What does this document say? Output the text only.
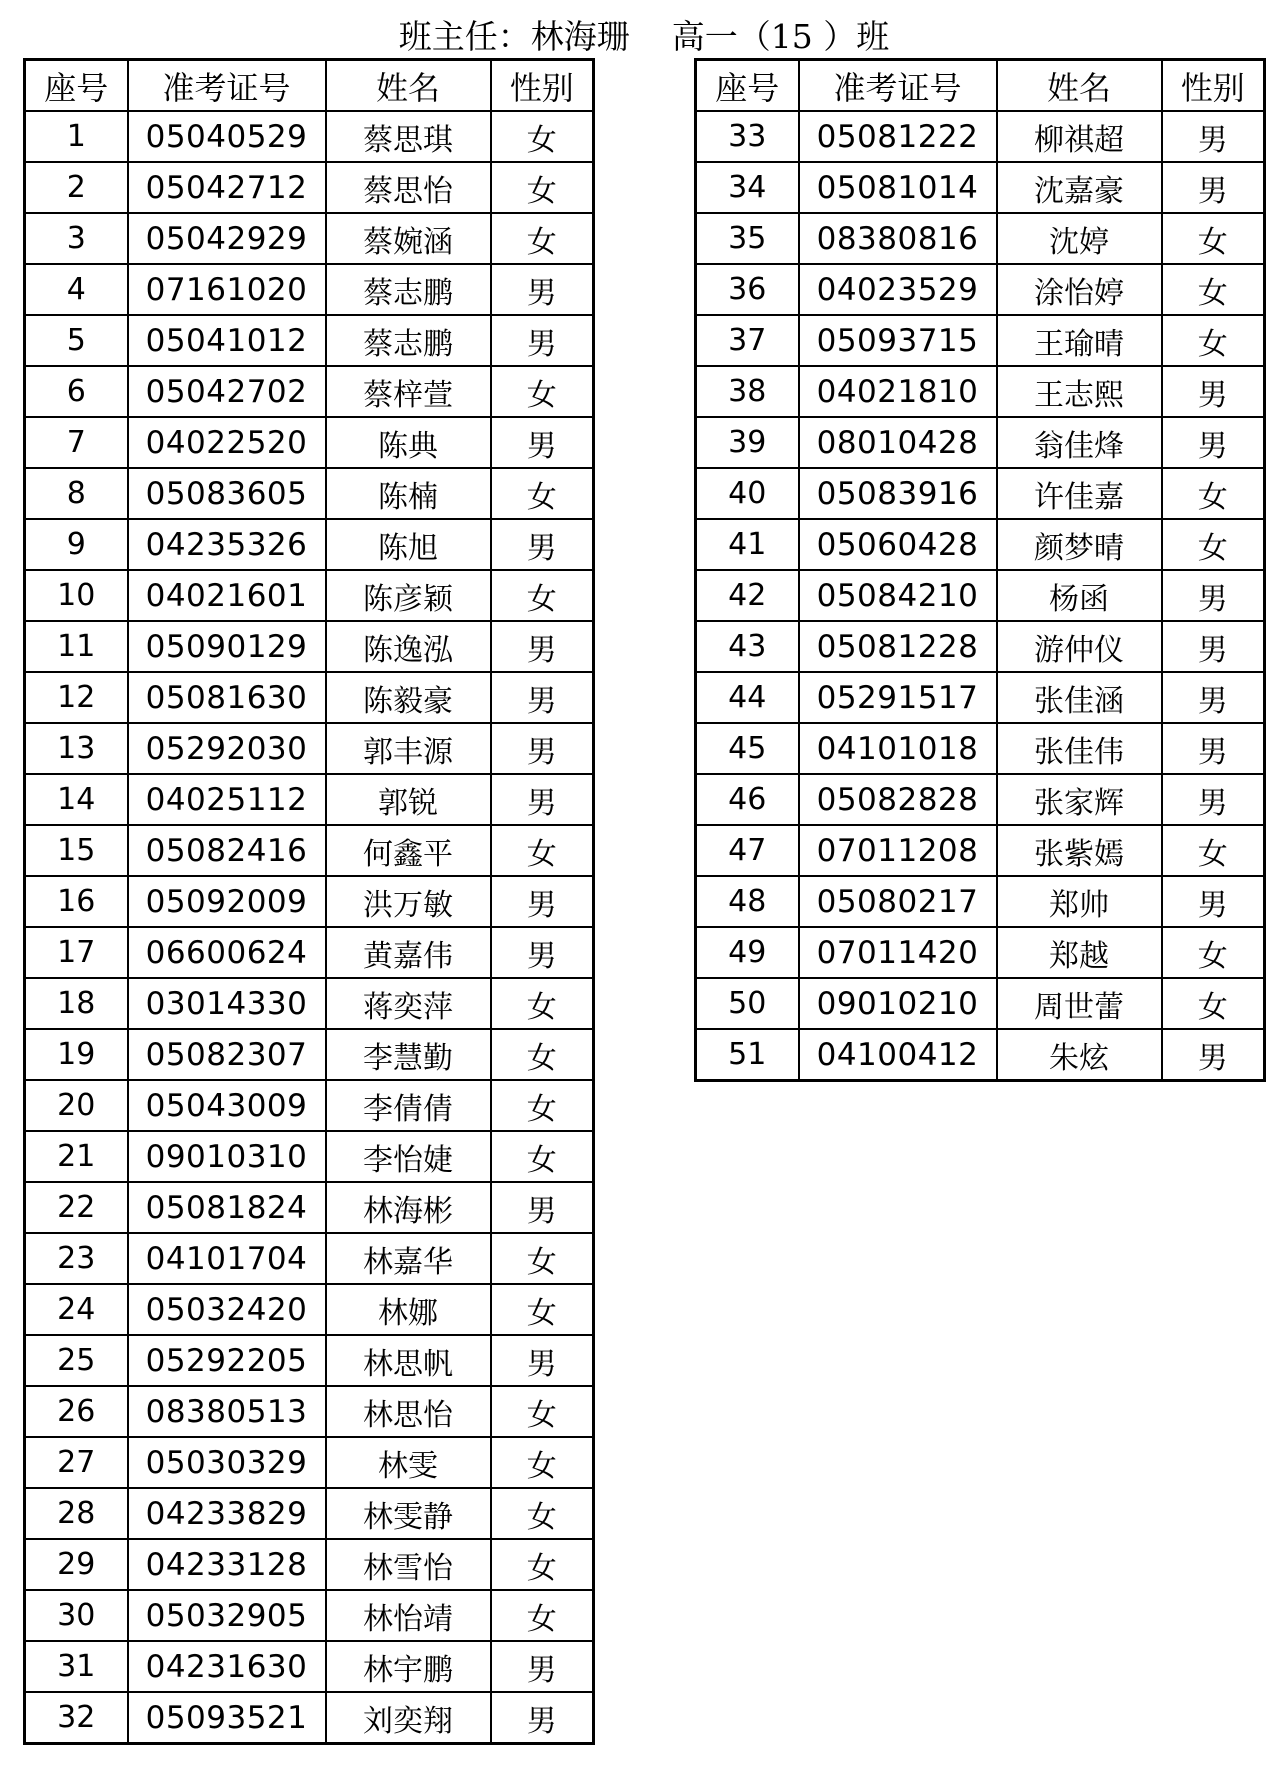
班主任：林海珊    高一（15 ）班
座号	准考证号	姓名	性别
1	05040529	蔡思琪	女
2	05042712	蔡思怡	女
3	05042929	蔡婉涵	女
4	07161020	蔡志鹏	男
5	05041012	蔡志鹏	男
6	05042702	蔡梓萱	女
7	04022520	陈典	男
8	05083605	陈楠	女
9	04235326	陈旭	男
10	04021601	陈彦颖	女
11	05090129	陈逸泓	男
12	05081630	陈毅豪	男
13	05292030	郭丰源	男
14	04025112	郭锐	男
15	05082416	何鑫平	女
16	05092009	洪万敏	男
17	06600624	黄嘉伟	男
18	03014330	蒋奕萍	女
19	05082307	李慧勤	女
20	05043009	李倩倩	女
21	09010310	李怡婕	女
22	05081824	林海彬	男
23	04101704	林嘉华	女
24	05032420	林娜	女
25	05292205	林思帆	男
26	08380513	林思怡	女
27	05030329	林雯	女
28	04233829	林雯静	女
29	04233128	林雪怡	女
30	05032905	林怡靖	女
31	04231630	林宇鹏	男
32	05093521	刘奕翔	男
座号	准考证号	姓名	性别
33	05081222	柳祺超	男
34	05081014	沈嘉豪	男
35	08380816	沈婷	女
36	04023529	涂怡婷	女
37	05093715	王瑜晴	女
38	04021810	王志熙	男
39	08010428	翁佳烽	男
40	05083916	许佳嘉	女
41	05060428	颜梦晴	女
42	05084210	杨函	男
43	05081228	游仲仪	男
44	05291517	张佳涵	男
45	04101018	张佳伟	男
46	05082828	张家辉	男
47	07011208	张紫嫣	女
48	05080217	郑帅	男
49	07011420	郑越	女
50	09010210	周世蕾	女
51	04100412	朱炫	男
